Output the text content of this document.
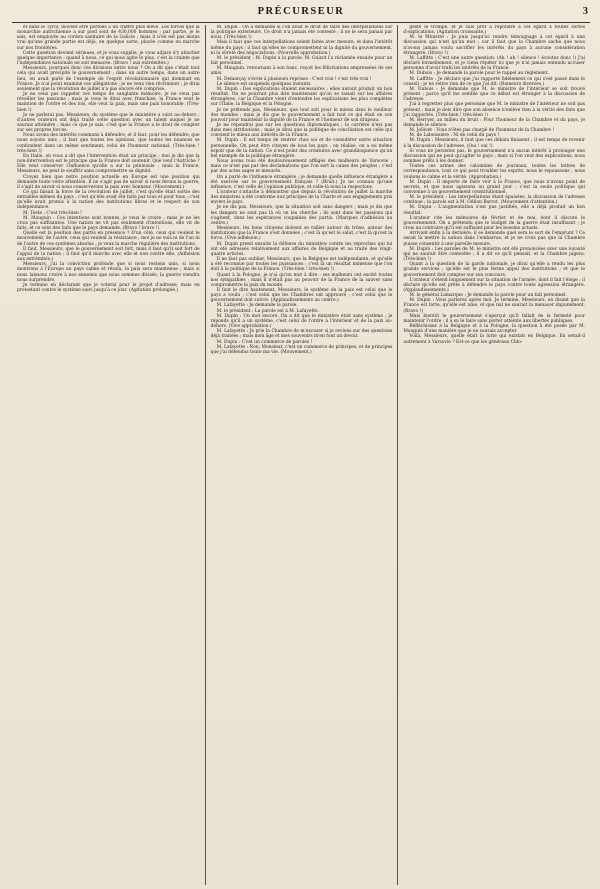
PRÉCURSEUR	3

et dans le Tyrol, doivent être portées à un chiffre plus élevé. Les forces que la monarchie autrichienne a sur pied sont de 430,000 hommes ; par partie, je le sais, est employée au cordon sanitaire de la Galicie ; mais il n'en est pas moins vrai qu'une grande partie est déjà, en quelque sorte, placée comme en marche sur nos frontières.

Cette question devient sérieuse, et je vous supplie, je vous adjure d'y attacher quelque importance ; quand à nous, ce qui nous agite le plus, c'est la crainte que l'indépendance nationale ne soit menacée. (Bravo ! aux extrémités.)

Messieurs, pourquoi donc ces divisions entre nous ? On a dit que c'était tout cela qui avait précipité le gouvernement ; dans un autre temps, dans un autre lieu, on avait parlé de l'exemple de l'esprit révolutionnaire qui dominait en France. Je n'ai point examiné ces allégations ; je ne veux rien récriminer ; je dirai seulement que la révolution de juillet n'a pas encore été comprise.

Je ne veux pas rappeler ces temps de sanglante mémoire, je ne veux pas réveiller les passions ; mais je vous le dirai avec franchise, la France veut le maintien de l'ordre et des lois, elle veut la paix, mais une paix honorable. (Très-bien !)

Je ne parlerai pas, Messieurs, du système que le ministère a suivi au-dehors ; d'autres orateurs ont déjà traité cette question avec un talent auquel je ne saurais atteindre ; mais ce que je sais, c'est que la France a le droit de compter sur ses propres forces.

Nous avons des intérêts communs à défendre, et il faut, pour les défendre, que nous soyons unis ; il faut que toutes les opinions, que toutes les nuances se confondent dans un même sentiment, celui de l'honneur national. (Très-bien ! très-bien !)

En Italie, on vous a dit que l'intervention était un principe ; moi je dis que la non-intervention est le principe que la France doit soutenir. Que veut l'Autriche ? Elle veut conserver l'influence qu'elle a sur la péninsule ; mais la France, Messieurs, ne peut le souffrir sans compromettre sa dignité.

Croyez bien que notre position actuelle en Europe est une position qui demande toute votre attention. Il ne s'agit pas de savoir si nous ferons la guerre, il s'agit de savoir si nous conserverons la paix avec honneur. (Mouvement.)

Ce qui faisait la force de la révolution de juillet, c'est qu'elle était sortie des entrailles mêmes du pays ; c'est qu'elle avait été faite par tous et pour tous ; c'est qu'elle avait promis à la nation des institutions libres et le respect de son indépendance.

M. Teste : C'est très-bien !

M. Mauguin : Ces intentions sont bonnes, je veux le croire ; mais je ne les crois pas suffisantes. Une nation ne vit pas seulement d'intentions, elle vit de faits, et ce sont des faits que le pays demande. (Bravo ! bravo !)

Quelle est la position des partis en présence ? D'un côté, ceux qui veulent le mouvement, de l'autre, ceux qui veulent la résistance ; moi je ne suis ni de l'un ni de l'autre de ces systèmes absolus ; je veux la marche régulière des institutions.

Il faut, Messieurs, que le gouvernement soit fort, mais il faut qu'il soit fort de l'appui de la nation ; il faut qu'il marche avec elle et non contre elle. (Adhésion aux extrémités.)

Messieurs, j'ai la conviction profonde que si nous restons unis, si nous montrons à l'Europe un pays calme et résolu, la paix sera maintenue ; mais si nous laissons croire à nos ennemis que nous sommes divisés, la guerre viendra nous surprendre.

Je termine en déclarant que je voterai pour le projet d'adresse, mais en protestant contre le système suivi jusqu'à ce jour. (Agitation prolongée.)

M. Dupin : On a demandé si l'on avait le droit de faire des interpellations sur la politique extérieure. Ce droit n'a jamais été contesté ; il ne le sera jamais par nous. (Très-bien !)

Mais il faut que ces interpellations soient faites avec mesure, et dans l'intérêt même du pays ; il faut qu'elles ne compromettent ni la dignité du gouvernement, ni la sûreté des négociations. (Nouvelle approbation.)

M. le président : M. Dupin a la parole. M. Guizot l'a réclamée ensuite pour un fait personnel.

M. Mauguin, retournant à son banc, reçoit les félicitations empressées de ses amis.

M. Demarçay s'écrie à plusieurs reprises : C'est vrai ! c'est très-vrai !

Le silence est suspendu quelques instants.

M. Dupin : Des explications étaient nécessaires ; elles auront produit un bon résultat. On ne pourrait plus dire maintenant qu'on se taisait sur les affaires étrangères, car la Chambre vient d'entendre les explications les plus complètes sur l'Italie, la Belgique et la Pologne.

Je ne prétends pas, Messieurs, que tout soit pour le mieux dans le meilleur des mondes ; mais je dis que le gouvernement a fait tout ce qui était en son pouvoir pour maintenir la dignité de la France et l'honneur de son drapeau.

Je ne répondrai pas sur les questions diplomatiques ; la carrière n'est pas dans mes attributions ; mais je dirai que la politique de conciliation est celle qui convient le mieux aux intérêts de la France.

M. Dupin : Il est temps de rentrer chez soi et de considérer notre situation personnelle. On peut être citoyen de tous les pays ; on réalise, on a eu même espoir que de la nation. Ce n'est point des créatures avec grandiloquence qu'un bel exemple de la politique étrangère.

Nous avons tous été douloureusement affligés des malheurs de Varsovie ; mais ce n'est pas par des déclamations que l'on sert la cause des peuples ; c'est par des actes sages et mesurés.

On a parlé de l'influence étrangère ; je demande quelle influence étrangère a été exercée sur le gouvernement français ? (Bruit.) Je ne connais qu'une influence, c'est celle de l'opinion publique, et celle-là nous la respectons.

L'orateur s'attache à démontrer que depuis la révolution de juillet la marche des ministres a été conforme aux principes de la Charte et aux engagements pris envers le pays.

Je ne dis pas, Messieurs, que la situation soit sans dangers ; mais je dis que les dangers ne sont pas là où on les cherche ; ils sont dans les passions qui s'agitent, dans les espérances coupables des partis. (Marques d'adhésion au centre.)

Messieurs, les bons citoyens doivent se rallier autour du trône, autour des institutions que la France s'est données ; c'est là qu'est le salut, c'est là qu'est la force. (Vive adhésion.)

M. Dupin prend ensuite la défense du ministère contre les reproches qui lui ont été adressés relativement aux affaires de Belgique et au traité des vingt-quatre articles.

Il ne faut pas oublier, Messieurs, que la Belgique est indépendante, et qu'elle a été reconnue par toutes les puissances ; c'est là un résultat immense que l'on doit à la politique de la France. (Très-bien ! très-bien !)

Quant à la Pologne, je n'ai qu'un mot à dire : ses malheurs ont excité toutes nos sympathies ; mais il n'était pas au pouvoir de la France de la sauver sans compromettre la paix du monde.

Il faut le dire hautement, Messieurs, le système de la paix est celui que le pays a voulu ; c'est celui que les Chambres ont approuvé ; c'est celui que le gouvernement doit suivre. (Applaudissements au centre.)

M. Lafayette : Je demande la parole.

M. le président : La parole est à M. Lafayette.

M. Dupin : Un mot encore. On a dit que le ministère était sans système ; je réponds qu'il a un système, c'est celui de l'ordre à l'intérieur et de la paix au-dehors. (Vive approbation.)

M. Lafayette : Je prie la Chambre de m'excuser si je reviens sur des questions déjà traitées ; mais mon âge et mes souvenirs m'en font un devoir.

M. Dupin : C'est un commerce de paroles !

M. Lafayette : Non, Monsieur, c'est un commerce de principes, et de principes que j'ai défendus toute ma vie. (Mouvement.)

geste le trompe, et je suis prêt à répondre à cet égard à toutes sortes d'explications. (Agitation croissante.)

M. le Ministre : Je puis jusqu'ici rendre témoignage à cet égard à une discussion qui n'est qu'un mot ; car il faut que la Chambre sache que nous n'avons jamais voulu sacrifier les intérêts du pays à aucune considération étrangère. (Bravo !)

M. Laffitte : C'est une autre question. (Ah ! ah ! silence ! écoutez donc !) J'ai déclaré formellement, et je viens répéter ici que je n'ai jamais entendu accuser personne d'avoir trahi les intérêts de la France.

M. Dubois : Je demande la parole pour le rappel au règlement.

M. Laffitte : Je déclare que j'ai rapporté fidèlement ce qui s'est passé dans le conseil ; je ne retire rien de ce que j'ai dit. (Rumeurs diverses.)

M. Dubois : Je demande que M. le ministre de l'intérieur se soit trouvé présent ; parce qu'il me semble que ce débat est étranger à la discussion de l'adresse.

J'ai à regretter plus que personne que M. le ministre de l'intérieur ne soit pas présent ; mais je dois dire que son absence n'enlève rien à la vérité des faits que j'ai rapportés. (Très-bien ! très-bien !)

M. Berryer, au milieu du bruit : Pour l'honneur de la Chambre et du pays, je demande le silence.

M. Jollivet : Vous n'êtes pas chargé de l'honneur de la Chambre !

M. de Laboissière : Ni de celui du pays !

M. Dupin : Messieurs, il faut que ces débats finissent ; il est temps de revenir à la discussion de l'adresse. (Oui ! oui !)

Si vous ne persistez pas, le gouvernement n'a aucun intérêt à prolonger une discussion qui ne peut qu'agiter le pays ; mais si l'on veut des explications, nous sommes prêts à les donner.

Toutes ces armes des calomnies de journaux, toutes les lettres de correspondance, tout ce qui peut troubler les esprits, nous le repoussons ; nous voulons le calme et la vérité. (Approbation.)

M. Dupin : Il importe de faire voir à la France, que nous n'avons point de secrets, et que nous agissons au grand jour ; c'est la seule politique qui convienne à un gouvernement constitutionnel.

M. le président : Les interpellations étant épuisées, la discussion de l'adresse continue ; la parole est à M. Odilon Barrot. (Mouvement d'attention.)

M. Dupin : L'augmentation s'est pas justifiée, elle a déjà produit un bon résultat.

L'orateur cite les mémoires de février et de mai, dont il discute le gouvernement. On a prétendu que le budget de la guerre était insuffisant ; je crois au contraire qu'il est suffisant pour les besoins actuels.

Arrivant enfin à la dernière, il se demande quel sera le sort de l'emprunt ? Ce serait là mettre la nation dans l'embarras, et je ne crois pas que la Chambre puisse consentir à une pareille mesure.

M. Dupin : Les paroles de M. le ministre ont été prononcées avec une loyauté qui ne saurait être contestée ; il a dit ce qu'il pensait, et la Chambre jugera. (Très-bien !)

Quant à la question de la garde nationale, je dirai qu'elle a rendu les plus grands services ; qu'elle est le plus ferme appui des institutions ; et que le gouvernement doit compter sur son concours.

L'orateur s'étend longuement sur la situation de l'armée, dont il fait l'éloge ; il déclare qu'elle est prête à défendre le pays contre toute agression étrangère. (Applaudissements.)

M. le général Lamarque : Je demande la parole pour un fait personnel.

M. Dupin : Vous parlerez après moi. Je termine, Messieurs, en disant que la France est forte, qu'elle est unie, et que nul ne saurait la menacer impunément. (Bravo !)

Mais bientôt le gouvernement s'aperçut qu'il fallait de la fermeté pour maintenir l'ordre ; il a su le faire sans porter atteinte aux libertés publiques.

Réfléchissez à la Belgique et à la Pologne, la question à été posée par M. Mauguin d'une manière que je ne saurais accepter.

Voilà, Messieurs, quelle était la lutte qui existait en Belgique. En serait-il autrement à Varsovie ? Est-ce que les généraux Chlo-
